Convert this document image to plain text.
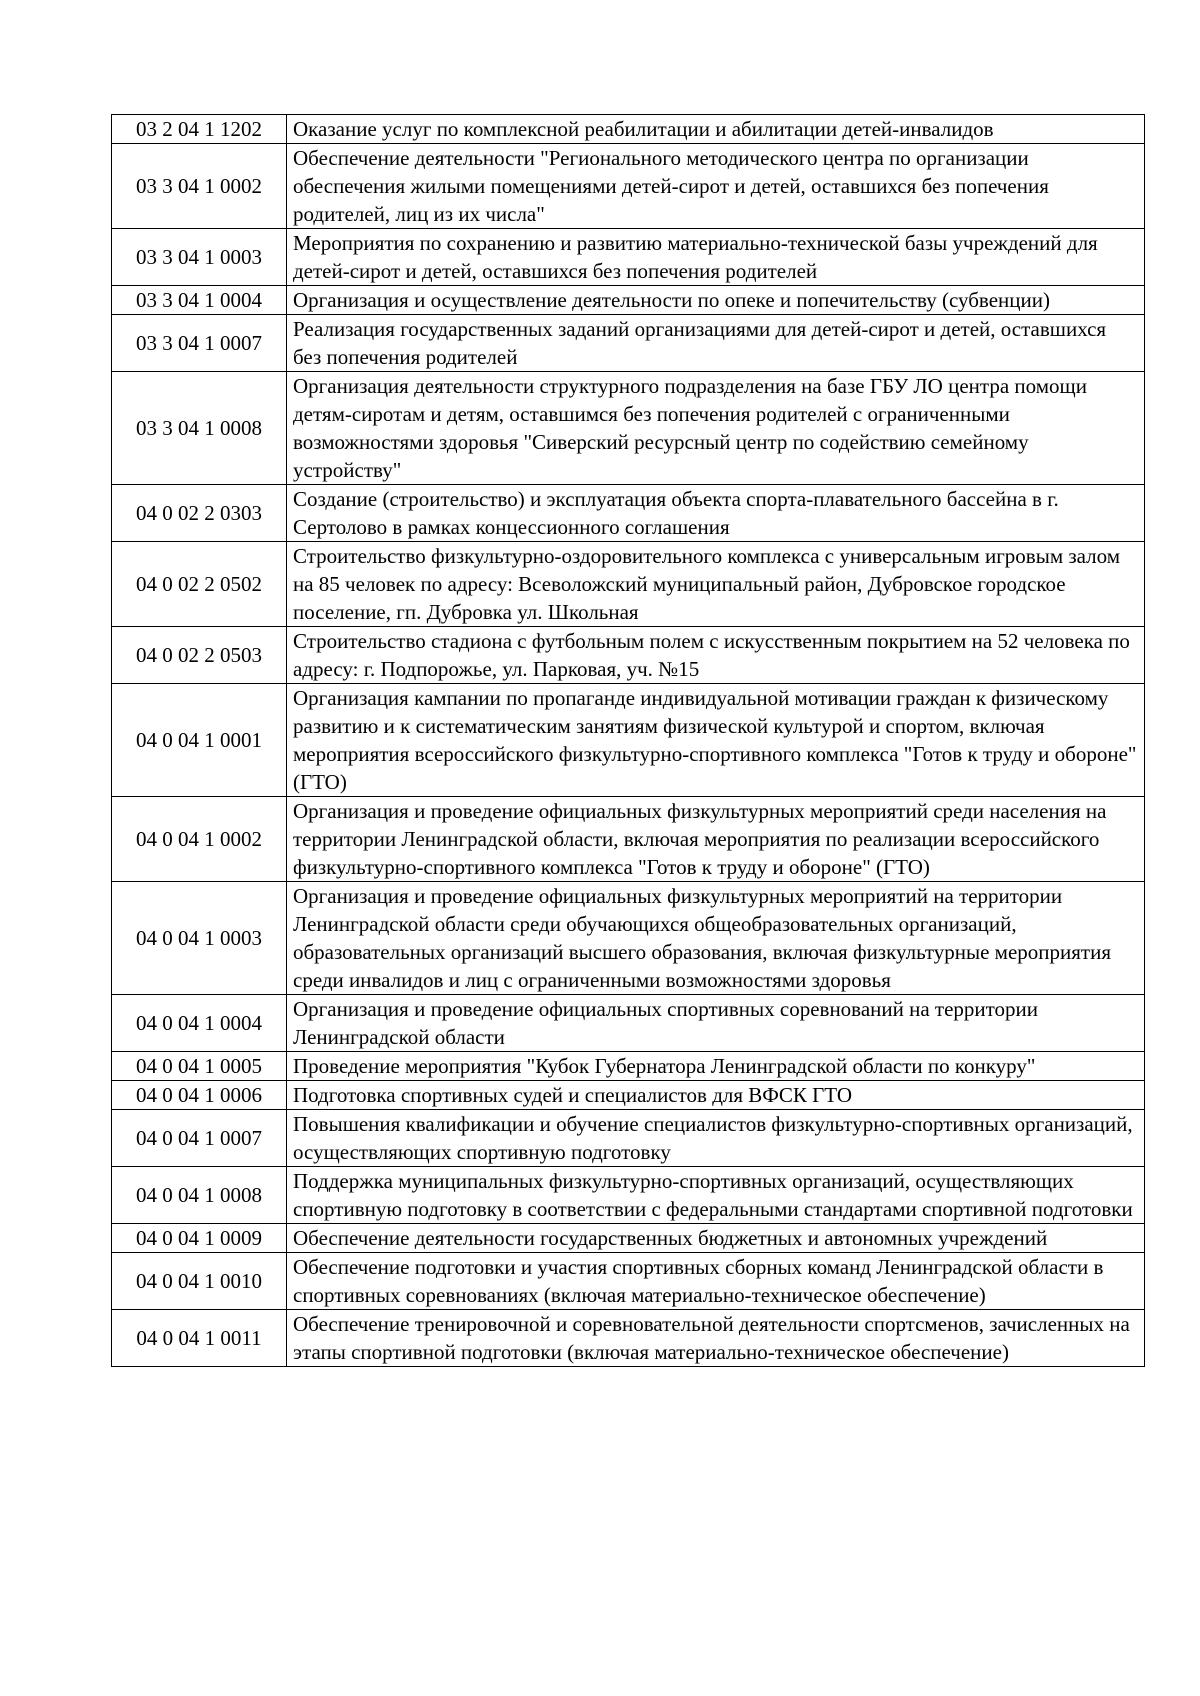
03 2 04 1 1202	Оказание услуг по комплексной реабилитации и абилитации детей-инвалидов
03 3 04 1 0002	Обеспечение деятельности "Регионального методического центра по организации обеспечения жилыми помещениями детей-сирот и детей, оставшихся без попечения родителей, лиц из их числа"
03 3 04 1 0003	Мероприятия по сохранению и развитию материально-технической базы учреждений для детей-сирот и детей, оставшихся без попечения родителей
03 3 04 1 0004	Организация и осуществление деятельности по опеке и попечительству (субвенции)
03 3 04 1 0007	Реализация государственных заданий организациями для детей-сирот и детей, оставшихся без попечения родителей
03 3 04 1 0008	Организация деятельности структурного подразделения на базе ГБУ ЛО центра помощи детям-сиротам и детям, оставшимся без попечения родителей с ограниченными возможностями здоровья "Сиверский ресурсный центр по содействию семейному устройству"
04 0 02 2 0303	Создание (строительство) и эксплуатация объекта спорта-плавательного бассейна в г. Сертолово в рамках концессионного соглашения
04 0 02 2 0502	Строительство физкультурно-оздоровительного комплекса с универсальным игровым залом на 85 человек по адресу: Всеволожский муниципальный район, Дубровское городское поселение, гп. Дубровка ул. Школьная
04 0 02 2 0503	Строительство стадиона с футбольным полем с искусственным покрытием на 52 человека по адресу: г. Подпорожье, ул. Парковая, уч. №15
04 0 04 1 0001	Организация кампании по пропаганде индивидуальной мотивации граждан к физическому развитию и к систематическим занятиям физической культурой и спортом, включая мероприятия всероссийского физкультурно-спортивного комплекса "Готов к труду и обороне" (ГТО)
04 0 04 1 0002	Организация и проведение официальных физкультурных мероприятий среди населения на территории Ленинградской области, включая мероприятия по реализации всероссийского физкультурно-спортивного комплекса "Готов к труду и обороне" (ГТО)
04 0 04 1 0003	Организация и проведение официальных физкультурных мероприятий на территории Ленинградской области среди обучающихся общеобразовательных организаций, образовательных организаций высшего образования, включая физкультурные мероприятия среди инвалидов и лиц с ограниченными возможностями здоровья
04 0 04 1 0004	Организация и проведение официальных спортивных соревнований на территории Ленинградской области
04 0 04 1 0005	Проведение мероприятия "Кубок Губернатора Ленинградской области по конкуру"
04 0 04 1 0006	Подготовка спортивных судей и специалистов для ВФСК ГТО
04 0 04 1 0007	Повышения квалификации и обучение специалистов физкультурно-спортивных организаций, осуществляющих спортивную подготовку
04 0 04 1 0008	Поддержка муниципальных физкультурно-спортивных организаций, осуществляющих спортивную подготовку в соответствии с федеральными стандартами спортивной подготовки
04 0 04 1 0009	Обеспечение деятельности государственных бюджетных и автономных учреждений
04 0 04 1 0010	Обеспечение подготовки и участия спортивных сборных команд Ленинградской области в спортивных соревнованиях (включая материально-техническое обеспечение)
04 0 04 1 0011	Обеспечение тренировочной и соревновательной деятельности спортсменов, зачисленных на этапы спортивной подготовки (включая материально-техническое обеспечение)
